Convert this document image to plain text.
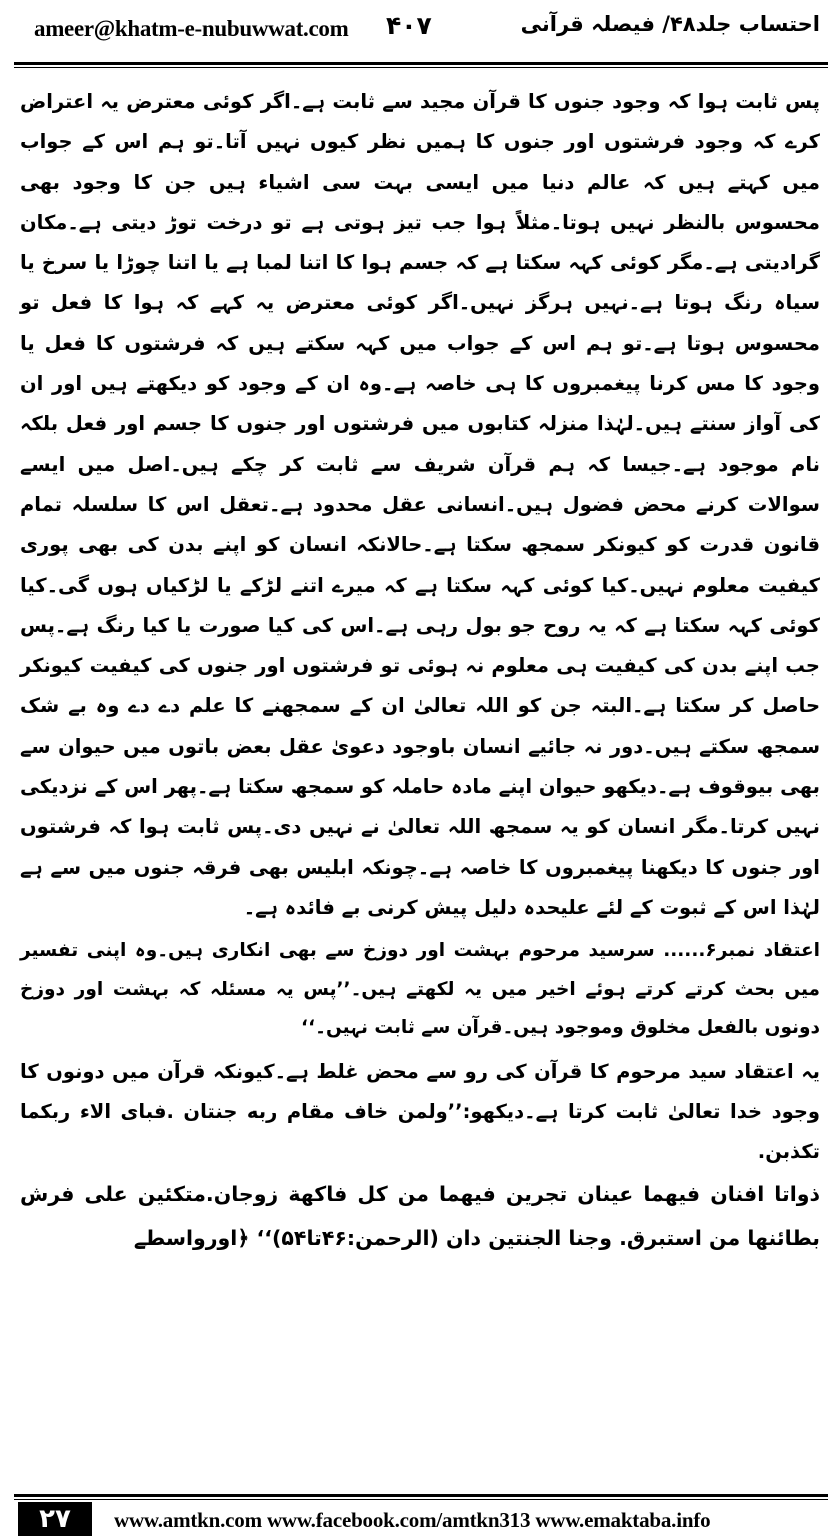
ameer@khatm-e-nubuwwat.com ۴۰۷	احتساب جلد۴۸/ فیصلہ قرآنی

پس ثابت ہوا کہ وجود جنوں کا قرآن مجید سے ثابت ہے۔اگر کوئی معترض یہ اعتراض کرے کہ وجود فرشتوں اور جنوں کا ہمیں نظر کیوں نہیں آتا۔تو ہم اس کے جواب میں کہتے ہیں کہ عالم دنیا میں ایسی بہت سی اشیاء ہیں جن کا وجود بھی محسوس بالنظر نہیں ہوتا۔مثلاً ہوا جب تیز ہوتی ہے تو درخت توڑ دیتی ہے۔مکان گرادیتی ہے۔مگر کوئی کہہ سکتا ہے کہ جسم ہوا کا اتنا لمبا ہے یا اتنا چوڑا یا سرخ یا سیاہ رنگ ہوتا ہے۔نہیں ہرگز نہیں۔اگر کوئی معترض یہ کہے کہ ہوا کا فعل تو محسوس ہوتا ہے۔تو ہم اس کے جواب میں کہہ سکتے ہیں کہ فرشتوں کا فعل یا وجود کا مس کرنا پیغمبروں کا ہی خاصہ ہے۔وہ ان کے وجود کو دیکھتے ہیں اور ان کی آواز سنتے ہیں۔لہٰذا منزلہ کتابوں میں فرشتوں اور جنوں کا جسم اور فعل بلکہ نام موجود ہے۔جیسا کہ ہم قرآن شریف سے ثابت کر چکے ہیں۔اصل میں ایسے سوالات کرنے محض فضول ہیں۔انسانی عقل محدود ہے۔تعقل اس کا سلسلہ تمام قانون قدرت کو کیونکر سمجھ سکتا ہے۔حالانکہ انسان کو اپنے بدن کی بھی پوری کیفیت معلوم نہیں۔کیا کوئی کہہ سکتا ہے کہ میرے اتنے لڑکے یا لڑکیاں ہوں گی۔کیا کوئی کہہ سکتا ہے کہ یہ روح جو بول رہی ہے۔اس کی کیا صورت یا کیا رنگ ہے۔پس جب اپنے بدن کی کیفیت ہی معلوم نہ ہوئی تو فرشتوں اور جنوں کی کیفیت کیونکر حاصل کر سکتا ہے۔البتہ جن کو اللہ تعالیٰ ان کے سمجھنے کا علم دے دے وہ بے شک سمجھ سکتے ہیں۔دور نہ جائیے انسان باوجود دعویٰ عقل بعض باتوں میں حیوان سے بھی بیوقوف ہے۔دیکھو حیوان اپنے مادہ حاملہ کو سمجھ سکتا ہے۔پھر اس کے نزدیکی نہیں کرتا۔مگر انسان کو یہ سمجھ اللہ تعالیٰ نے نہیں دی۔پس ثابت ہوا کہ فرشتوں اور جنوں کا دیکھنا پیغمبروں کا خاصہ ہے۔چونکہ ابلیس بھی فرقہ جنوں میں سے ہے لہٰذا اس کے ثبوت کے لئے علیحدہ دلیل پیش کرنی بے فائدہ ہے۔

اعتقاد نمبر۶...... سرسید مرحوم بہشت اور دوزخ سے بھی انکاری ہیں۔وہ اپنی تفسیر میں بحث کرتے کرتے ہوئے اخیر میں یہ لکھتے ہیں۔’’پس یہ مسئلہ کہ بہشت اور دوزخ دونوں بالفعل مخلوق وموجود ہیں۔قرآن سے ثابت نہیں۔‘‘

یہ اعتقاد سید مرحوم کا قرآن کی رو سے محض غلط ہے۔کیونکہ قرآن میں دونوں کا وجود خدا تعالیٰ ثابت کرتا ہے۔دیکھو:’’ولمن خاف مقام ربه جنتان .فباى الاء ربكما تكذبن.

ذواتا افنان فيهما عينان تجرين فيهما من كل فاكهة زوجان.متكئين على فرش بطائنها من استبرق. وجنا الجنتين دان (الرحمن:۴۶تا۵۴)‘‘ ﴿اورواسطے

۲۷	www.amtkn.com www.facebook.com/amtkn313 www.emaktaba.info
